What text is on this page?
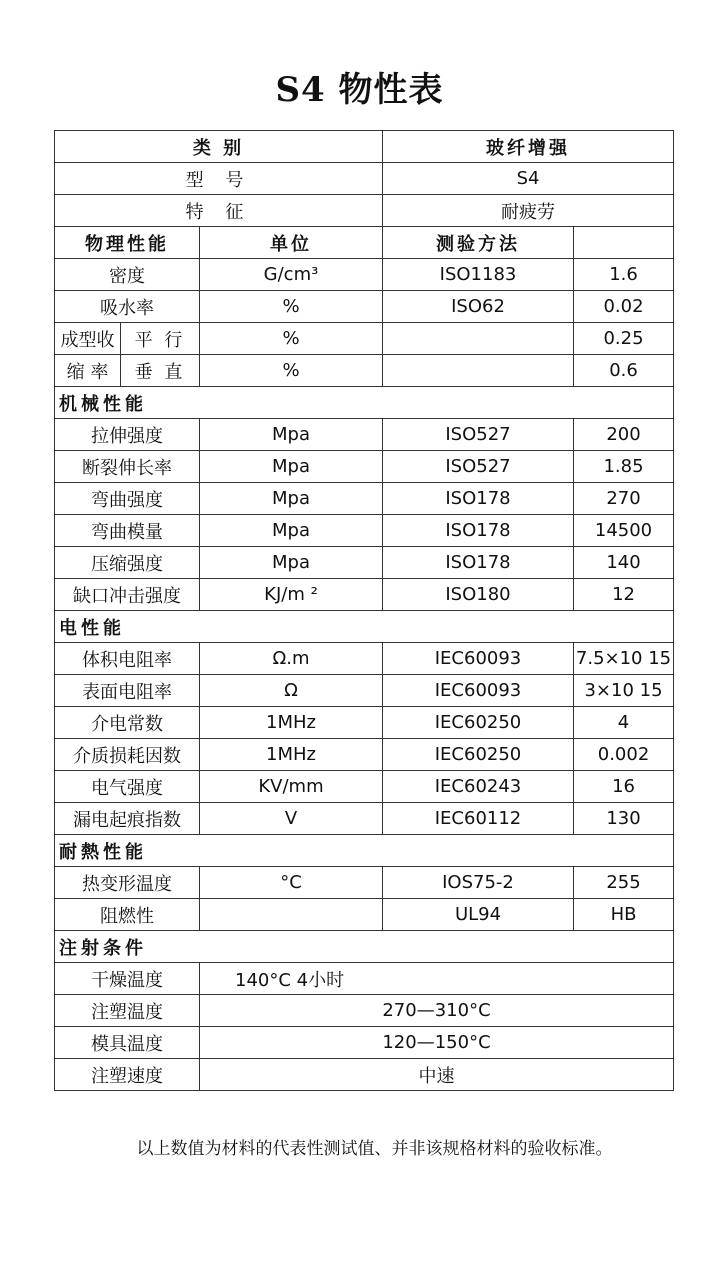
S4 物性表
类 别			玻纤增强	
型 号			S4	
特 征			耐疲劳	
物理性能		单位	测验方法	
密度		G/cm³	ISO1183	1.6
吸水率		%	ISO62	0.02
成型收	平 行	%		0.25
缩 率	垂 直	%		0.6
机械性能				
拉伸强度		Mpa	ISO527	200
断裂伸长率		Mpa	ISO527	1.85
弯曲强度		Mpa	ISO178	270
弯曲模量		Mpa	ISO178	14500
压缩强度		Mpa	ISO178	140
缺口冲击强度		KJ/m ²	ISO180	12
电性能				
体积电阻率		Ω.m	IEC60093	7.5×10 15
表面电阻率		Ω	IEC60093	3×10 15
介电常数		1MHz	IEC60250	4
介质损耗因数		1MHz	IEC60250	0.002
电气强度		KV/mm	IEC60243	16
漏电起痕指数		V	IEC60112	130
耐熱性能				
热变形温度		°C	IOS75-2	255
阻燃性			UL94	HB
注射条件				
干燥温度		140°C 4小时		
注塑温度		270—310°C		
模具温度		120—150°C		
注塑速度		中速		
以上数值为材料的代表性测试值、并非该规格材料的验收标准。
